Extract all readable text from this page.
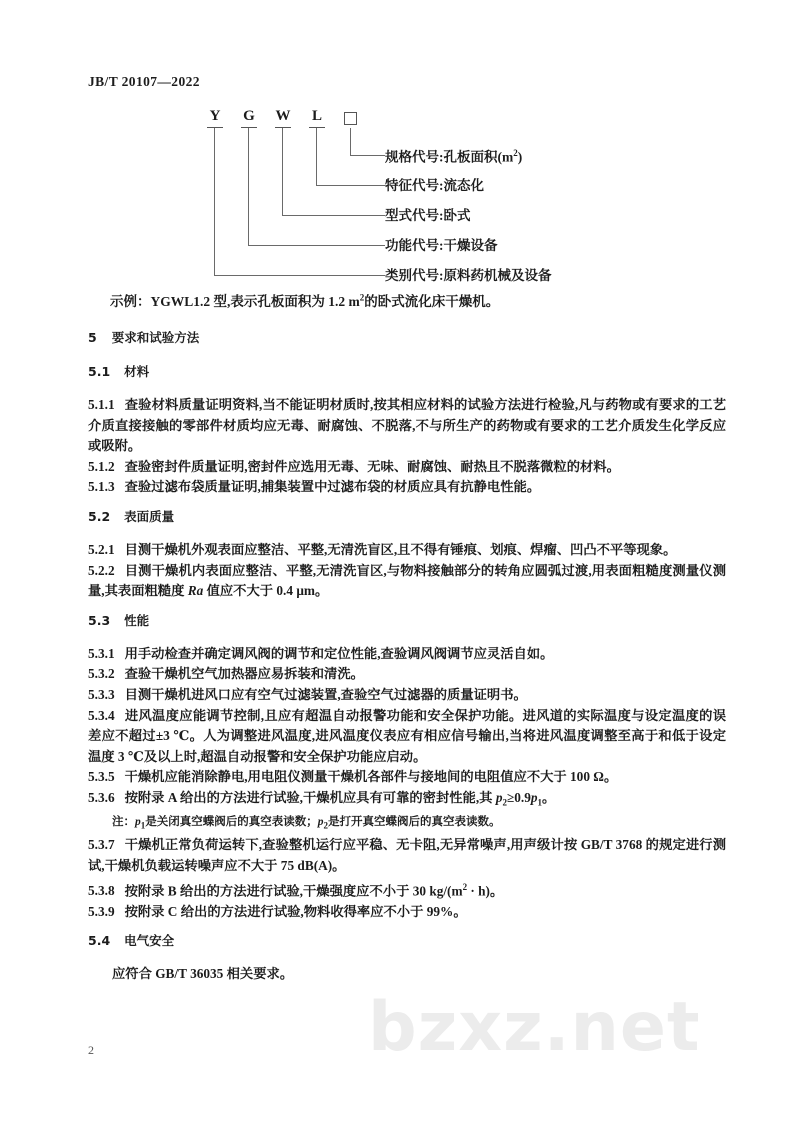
bzxz.net
JB/T 20107—2022
Y	G	W	L
规格代号:孔板面积$(m^2)$
特征代号:流态化
型式代号:卧式
功能代号:干燥设备
类别代号:原料药机械及设备
示例：YGWL1.2 型,表示孔板面积为 1.2 $m^2$的卧式流化床干燥机。
5 要求和试验方法
5.1 材料

5.1.1 查验材料质量证明资料,当不能证明材质时,按其相应材料的试验方法进行检验,凡与药物或有要求的工艺介质直接接触的零部件材质均应无毒、耐腐蚀、不脱落,不与所生产的药物或有要求的工艺介质发生化学反应或吸附。

5.1.2 查验密封件质量证明,密封件应选用无毒、无味、耐腐蚀、耐热且不脱落微粒的材料。

5.1.3 查验过滤布袋质量证明,捕集装置中过滤布袋的材质应具有抗静电性能。

5.2 表面质量

5.2.1 目测干燥机外观表面应整洁、平整,无清洗盲区,且不得有锤痕、划痕、焊瘤、凹凸不平等现象。

5.2.2 目测干燥机内表面应整洁、平整,无清洗盲区,与物料接触部分的转角应圆弧过渡,用表面粗糙度测量仪测量,其表面粗糙度 Ra 值应不大于 0.4 μm。

5.3 性能

5.3.1 用手动检查并确定调风阀的调节和定位性能,查验调风阀调节应灵活自如。

5.3.2 查验干燥机空气加热器应易拆装和清洗。

5.3.3 目测干燥机进风口应有空气过滤装置,查验空气过滤器的质量证明书。

5.3.4 进风温度应能调节控制,且应有超温自动报警功能和安全保护功能。进风道的实际温度与设定温度的误差应不超过±3 ℃。人为调整进风温度,进风温度仪表应有相应信号输出,当将进风温度调整至高于和低于设定温度 3 ℃及以上时,超温自动报警和安全保护功能应启动。

5.3.5 干燥机应能消除静电,用电阻仪测量干燥机各部件与接地间的电阻值应不大于 100 Ω。

5.3.6 按附录 A 给出的方法进行试验,干燥机应具有可靠的密封性能,其 $p_2\ge 0.9p_1$。

注：$p_1$是关闭真空蝶阀后的真空表读数；$p_2$是打开真空蝶阀后的真空表读数。

5.3.7 干燥机正常负荷运转下,查验整机运行应平稳、无卡阻,无异常噪声,用声级计按 GB/T 3768 的规定进行测试,干燥机负载运转噪声应不大于 75 dB(A)。

5.3.8 按附录 B 给出的方法进行试验,干燥强度应不小于 30 $kg/(m^2 \cdot h)$。

5.3.9 按附录 C 给出的方法进行试验,物料收得率应不小于 99%。

5.4 电气安全

应符合 GB/T 36035 相关要求。

2
